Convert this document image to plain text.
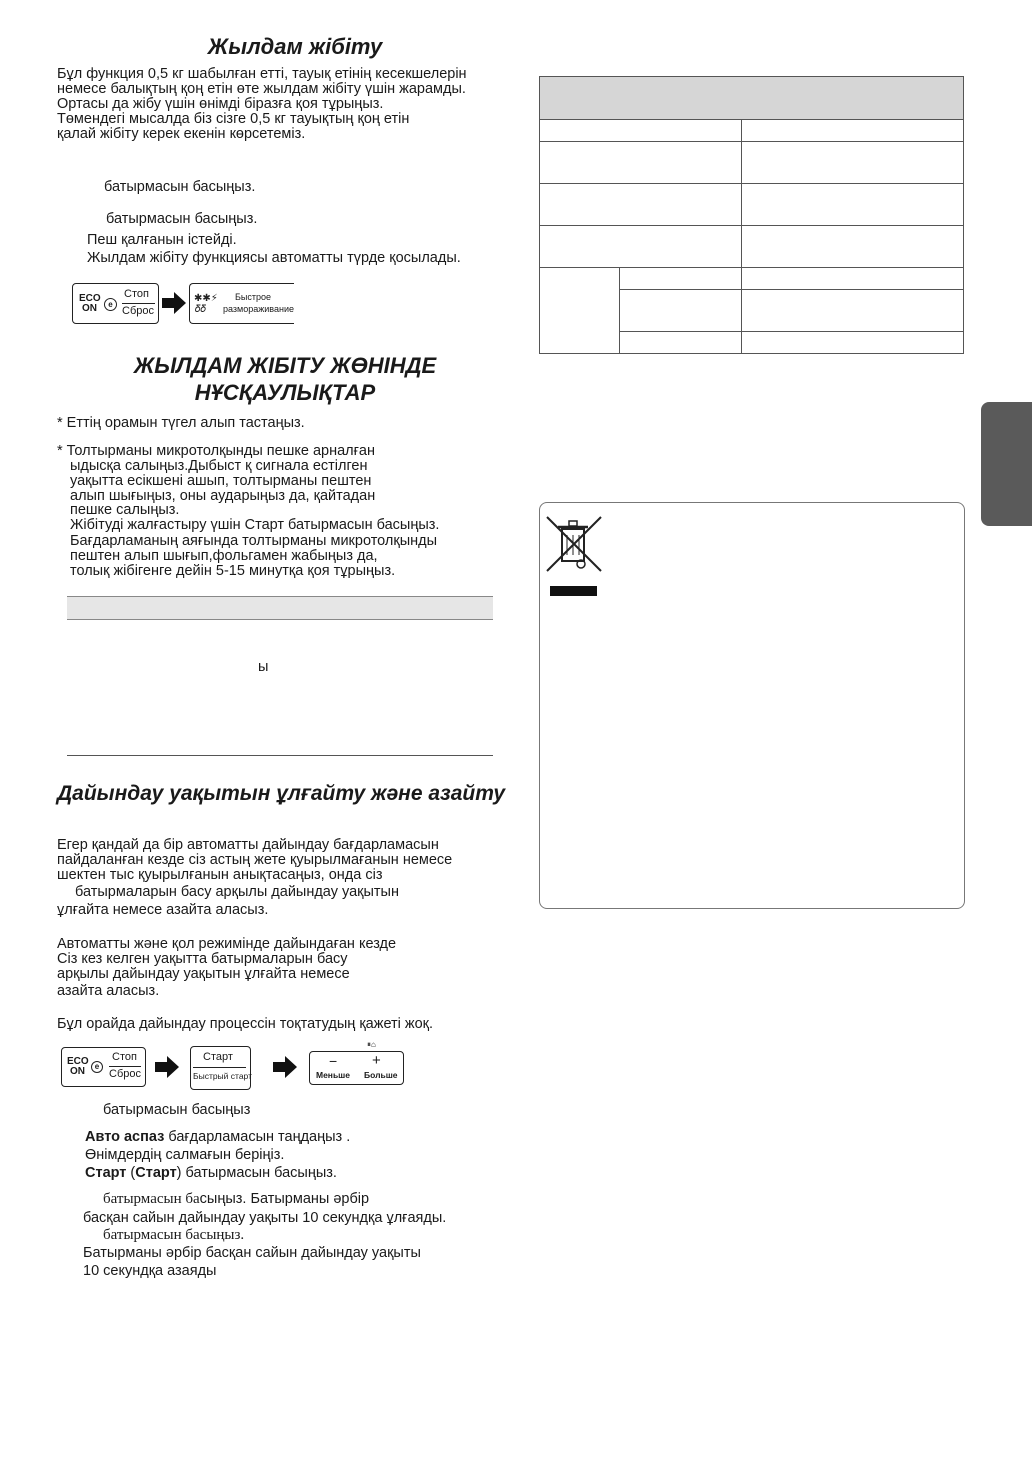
Жылдам жібіту
Бұл функция 0,5 кг шабылған етті, тауық етінің кесекшелерін
немесе балықтың қоң етін өте жылдам жібіту үшін жарамды.
Ортасы да жібу үшін өнімді біразға қоя тұрыңыз.
Төмендегі мысалда біз сізге 0,5 кг тауықтың қоң етін
қалай жібіту керек екенін көрсетеміз.
батырмасын басыңыз.
батырмасын басыңыз.
Пеш қалғанын істейді.
Жылдам жібіту функциясы автоматты түрде қосылады.
ECO
ON	e
Стоп
Сброс
✱✱⚡
𝛿𝛿
Быстрое
размораживание
ЖЫЛДАМ ЖІБІТУ ЖӨНІНДЕ
НҰСҚАУЛЫҚТАР
* Еттің орамын түгел алып тастаңыз.
* Толтырманы микротолқынды пешке арналған
ыдысқа салыңыз.Дыбыст қ сигнала естілген
уақытта есікшені ашып, толтырманы пештен
алып шығыңыз, оны аударыңыз да, қайтадан
пешке салыңыз.
Жібітуді жалғастыру үшін Старт батырмасын басыңыз.
Бағдарламаның аяғында толтырманы микротолқынды
пештен алып шығып,фольгамен жабыңыз да,
толық жібігенге дейін 5-15 минутқа қоя тұрыңыз.
ы
Дайындау уақытын ұлғайту және азайту
Егер қандай да бір автоматты дайындау бағдарламасын
пайдаланған кезде сіз астың жете қуырылмағанын немесе
шектен тыс қуырылғанын анықтасаңыз, онда сіз
батырмаларын басу арқылы дайындау уақытын
ұлғайта немесе азайта аласыз.
Автоматты және қол режимінде дайындаған кезде
Сіз кез келген уақытта батырмаларын басу
арқылы дайындау уақытын ұлғайта немесе
азайта аласыз.
Бұл орайда дайындау процессін тоқтатудың қажеті жоқ.
ECO
ON	e
Стоп
Сброс
Старт
Быстрый старт
⏸⌂
− +
Меньше Больше
батырмасын басыңыз
Авто аспаз бағдарламасын таңдаңыз .
Өнімдердің салмағын беріңіз.
Старт (Старт) батырмасын басыңыз.
батырмасын басыңыз. Батырманы әрбір
басқан сайын дайындау уақыты 10 секундқа ұлғаяды.
батырмасын басыңыз.
Батырманы әрбір басқан сайын дайындау уақыты
10 секундқа азаяды
